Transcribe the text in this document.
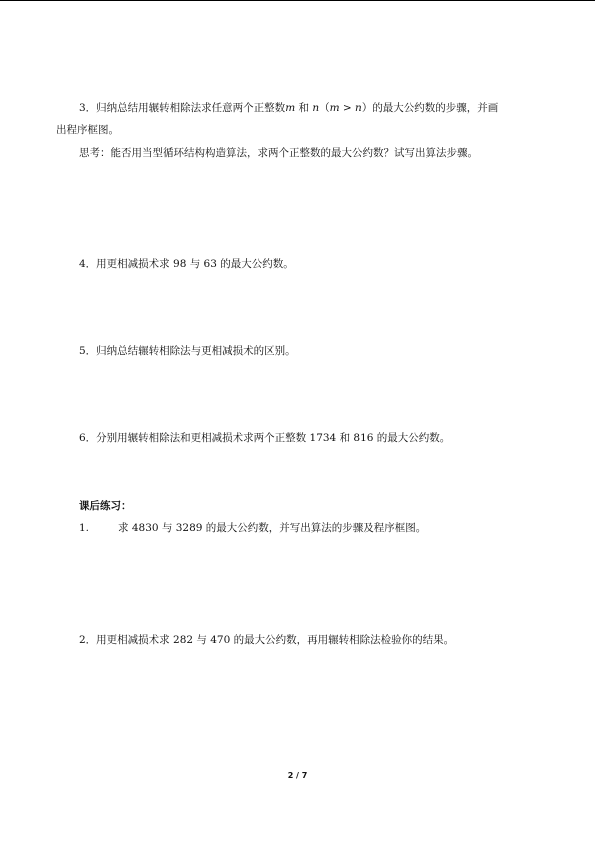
3．归纳总结用辗转相除法求任意两个正整数m 和 n（m > n）的最大公约数的步骤，并画
出程序框图。
思考：能否用当型循环结构构造算法，求两个正整数的最大公约数？试写出算法步骤。
4．用更相减损术求 98 与 63 的最大公约数。
5．归纳总结辗转相除法与更相减损术的区别。
6．分别用辗转相除法和更相减损术求两个正整数 1734 和 816 的最大公约数。
课后练习：
1.	求 4830 与 3289 的最大公约数，并写出算法的步骤及程序框图。
2．用更相减损术求 282 与 470 的最大公约数，再用辗转相除法检验你的结果。
2 / 7
